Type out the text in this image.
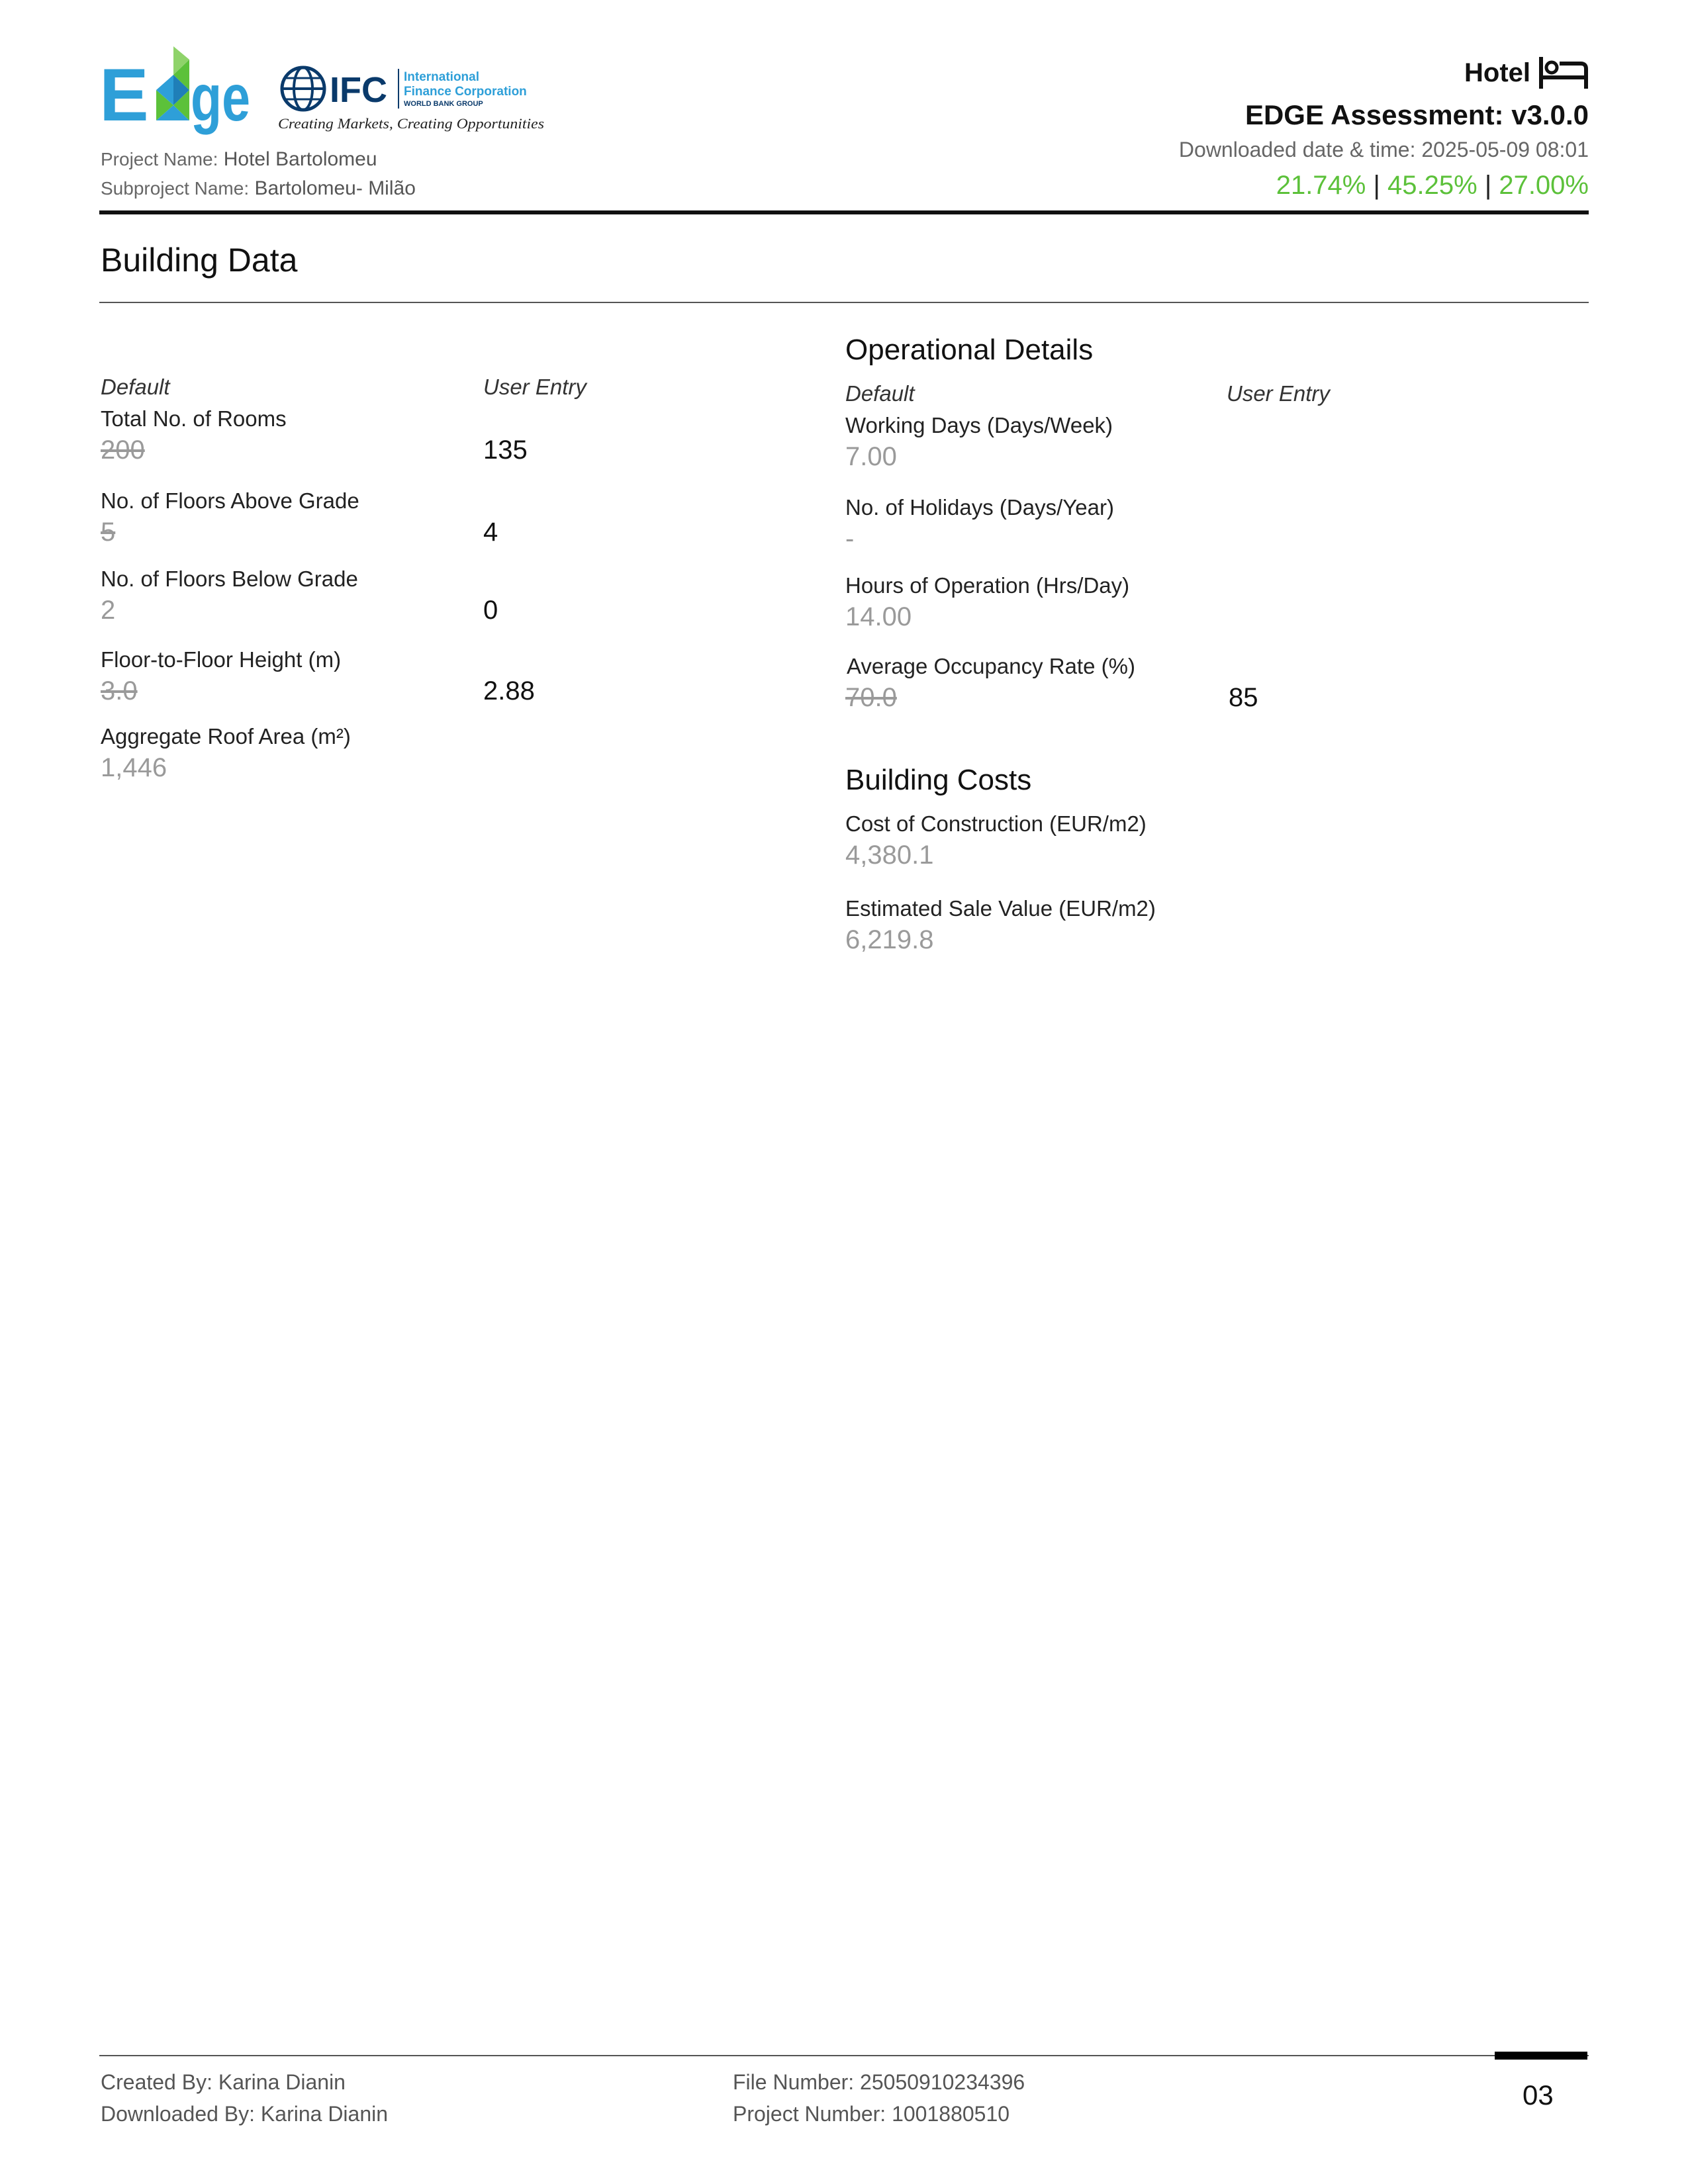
E ge IFC International
Finance Corporation
WORLD BANK GROUP
Creating Markets, Creating Opportunities
Project Name: Hotel Bartolomeu
Subproject Name: Bartolomeu- Milão
Hotel
EDGE Assessment: v3.0.0
Downloaded date & time: 2025-05-09 08:01
21.74% | 45.25% | 27.00%
Building Data
Default	User Entry
Total No. of Rooms
200	135
No. of Floors Above Grade
5	4
No. of Floors Below Grade
2	0
Floor-to-Floor Height (m)
3.0	2.88
Aggregate Roof Area (m²)
1,446
Operational Details
Default	User Entry
Working Days (Days/Week)
7.00
No. of Holidays (Days/Year)
-
Hours of Operation (Hrs/Day)
14.00
Average Occupancy Rate (%)
70.0	85
Building Costs
Cost of Construction (EUR/m2)
4,380.1
Estimated Sale Value (EUR/m2)
6,219.8
Created By: Karina Dianin
Downloaded By: Karina Dianin
File Number: 25050910234396
Project Number: 1001880510
03
